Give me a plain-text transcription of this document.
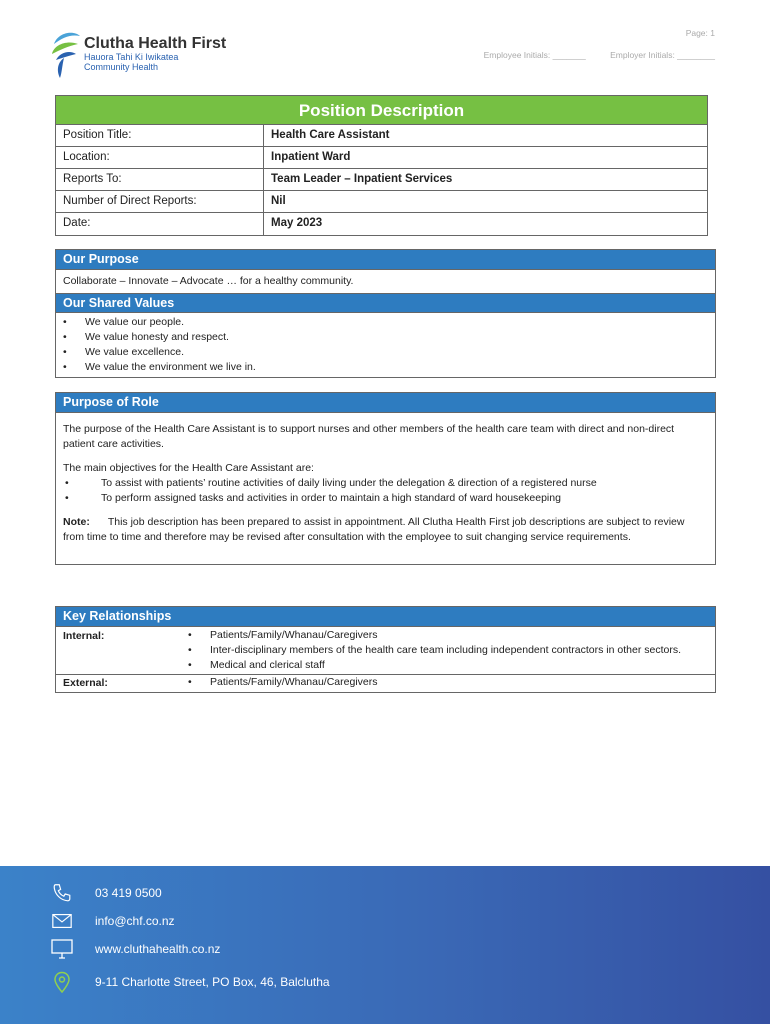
Page: 1
Employee Initials: _______	Employer Initials: ________
Clutha Health First
Hauora Tahi Ki Iwikatea
Community Health
Position Description
Position Title:	Health Care Assistant
Location:	Inpatient Ward
Reports To:	Team Leader – Inpatient Services
Number of Direct Reports:	Nil
Date:	May 2023
Our Purpose
Collaborate – Innovate – Advocate … for a healthy community.
Our Shared Values
• We value our people.
• We value honesty and respect.
• We value excellence.
• We value the environment we live in.
Purpose of Role

The purpose of the Health Care Assistant is to support nurses and other members of the health care team with direct and non-direct patient care activities.

The main objectives for the Health Care Assistant are:
• To assist with patients’ routine activities of daily living under the delegation & direction of a registered nurse
• To perform assigned tasks and activities in order to maintain a high standard of ward housekeeping

Note: This job description has been prepared to assist in appointment. All Clutha Health First job descriptions are subject to review from time to time and therefore may be revised after consultation with the employee to suit changing service requirements.

Key Relationships
Internal:	• Patients/Family/Whanau/Caregivers
• Inter-disciplinary members of the health care team including independent contractors in other sectors.
• Medical and clerical staff
External:	• Patients/Family/Whanau/Caregivers
03 419 0500
info@chf.co.nz
www.cluthahealth.co.nz
9-11 Charlotte Street, PO Box, 46, Balclutha
